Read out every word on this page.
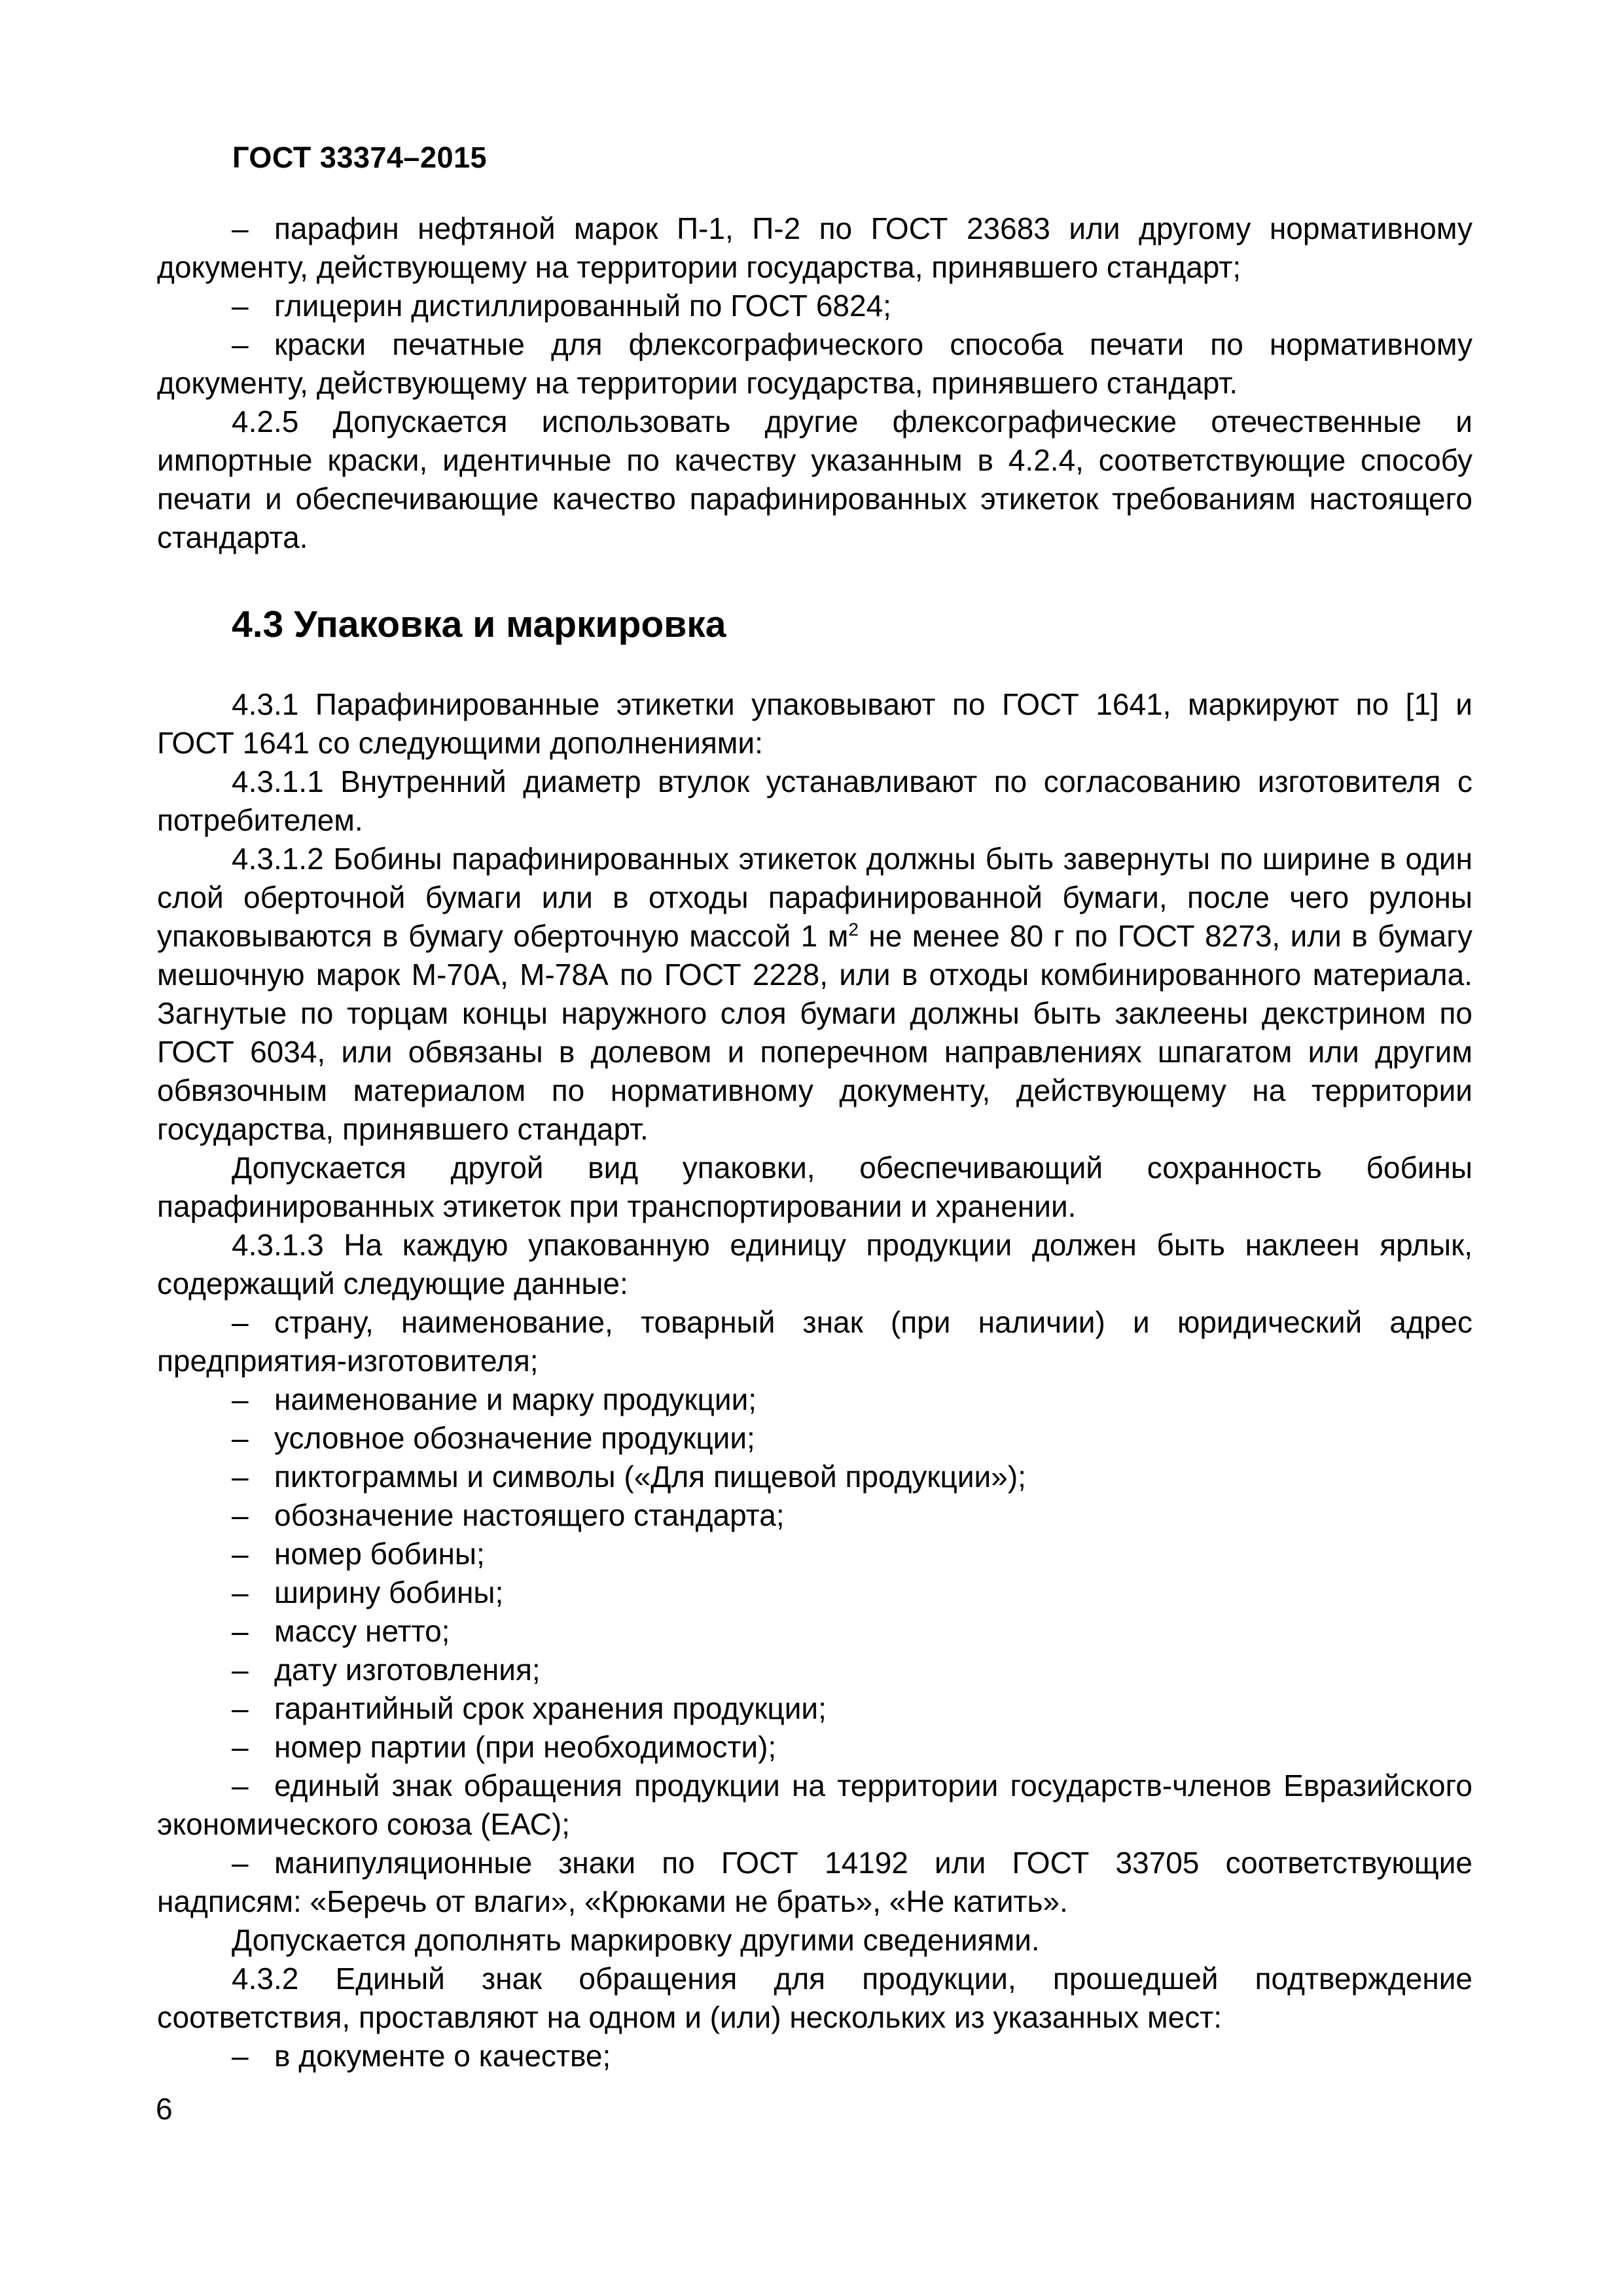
ГОСТ 33374–2015

– парафин нефтяной марок П-1, П-2 по ГОСТ 23683 или другому нормативному документу, действующему на территории государства, принявшего стандарт;

– глицерин дистиллированный по ГОСТ 6824;

– краски печатные для флексографического способа печати по нормативному документу, действующему на территории государства, принявшего стандарт.

4.2.5 Допускается использовать другие флексографические отечественные и импортные краски, идентичные по качеству указанным в 4.2.4, соответствующие способу печати и обеспечивающие качество парафинированных этикеток требованиям настоящего стандарта.

4.3 Упаковка и маркировка

4.3.1 Парафинированные этикетки упаковывают по ГОСТ 1641, маркируют по [1] и ГОСТ 1641 со следующими дополнениями:

4.3.1.1 Внутренний диаметр втулок устанавливают по согласованию изготовителя с потребителем.

4.3.1.2 Бобины парафинированных этикеток должны быть завернуты по ширине в один слой оберточной бумаги или в отходы парафинированной бумаги, после чего рулоны упаковываются в бумагу оберточную массой 1 $м^2$ не менее 80 г по ГОСТ 8273, или в бумагу мешочную марок М-70А, М-78А по ГОСТ 2228, или в отходы комбинированного материала. Загнутые по торцам концы наружного слоя бумаги должны быть заклеены декстрином по ГОСТ 6034, или обвязаны в долевом и поперечном направлениях шпагатом или другим обвязочным материалом по нормативному документу, действующему на территории государства, принявшего стандарт.

Допускается другой вид упаковки, обеспечивающий сохранность бобины парафинированных этикеток при транспортировании и хранении.

4.3.1.3 На каждую упакованную единицу продукции должен быть наклеен ярлык, содержащий следующие данные:

– страну, наименование, товарный знак (при наличии) и юридический адрес предприятия-изготовителя;

– наименование и марку продукции;

– условное обозначение продукции;

– пиктограммы и символы («Для пищевой продукции»);

– обозначение настоящего стандарта;

– номер бобины;

– ширину бобины;

– массу нетто;

– дату изготовления;

– гарантийный срок хранения продукции;

– номер партии (при необходимости);

– единый знак обращения продукции на территории государств-членов Евразийского экономического союза (ЕАС);

– манипуляционные знаки по ГОСТ 14192 или ГОСТ 33705 соответствующие надписям: «Беречь от влаги», «Крюками не брать», «Не катить».

Допускается дополнять маркировку другими сведениями.

4.3.2 Единый знак обращения для продукции, прошедшей подтверждение соответствия, проставляют на одном и (или) нескольких из указанных мест:

– в документе о качестве;

6
